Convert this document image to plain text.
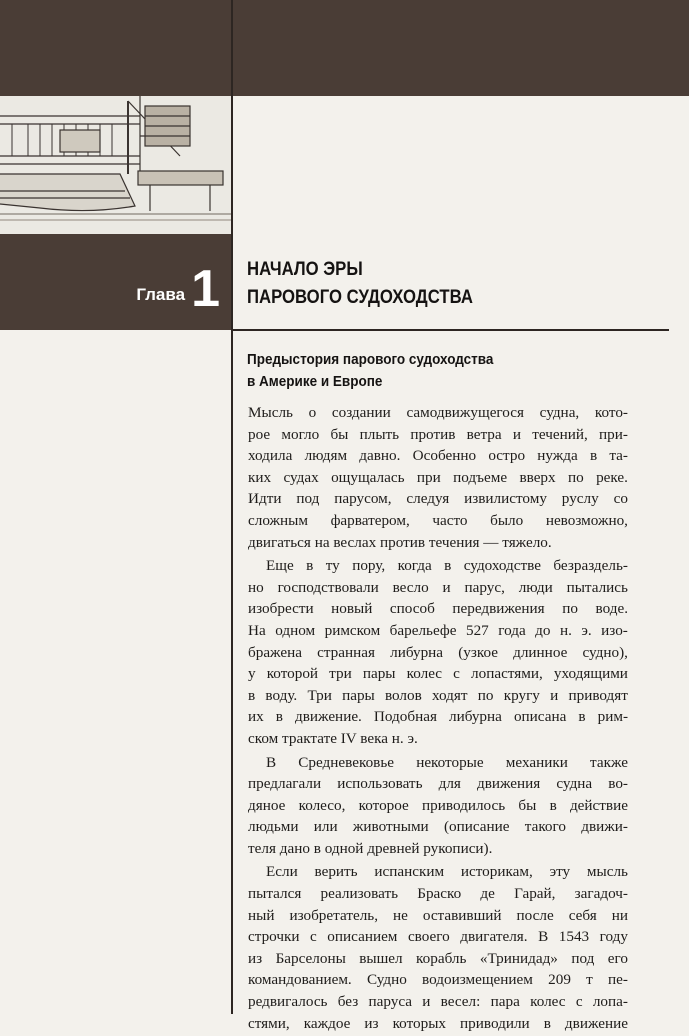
Глава 1 НАЧАЛО ЭРЫ
ПАРОВОГО СУДОХОДСТВА
Предыстория парового судоходства
в Америке и Европе
Мысль о создании самодвижущегося судна, кото-
рое могло бы плыть против ветра и течений, при-
ходила людям давно. Особенно остро нужда в та-
ких судах ощущалась при подъеме вверх по реке.
Идти под парусом, следуя извилистому руслу со
сложным фарватером, часто было невозможно,
двигаться на веслах против течения — тяжело.
Еще в ту пору, когда в судоходстве безраздель-
но господствовали весло и парус, люди пытались
изобрести новый способ передвижения по воде.
На одном римском барельефе 527 года до н. э. изо-
бражена странная либурна (узкое длинное судно),
у которой три пары колес с лопастями, уходящими
в воду. Три пары волов ходят по кругу и приводят
их в движение. Подобная либурна описана в рим-
ском трактате IV века н. э.
В Средневековье некоторые механики также
предлагали использовать для движения судна во-
дяное колесо, которое приводилось бы в действие
людьми или животными (описание такого движи-
теля дано в одной древней рукописи).
Если верить испанским историкам, эту мысль
пытался реализовать Браско де Гарай, загадоч-
ный изобретатель, не оставивший после себя ни
строчки с описанием своего двигателя. В 1543 году
из Барселоны вышел корабль «Тринидад» под его
командованием. Судно водоизмещением 209 т пе-
редвигалось без паруса и весел: пара колес с лопа-
стями, каждое из которых приводили в движение
